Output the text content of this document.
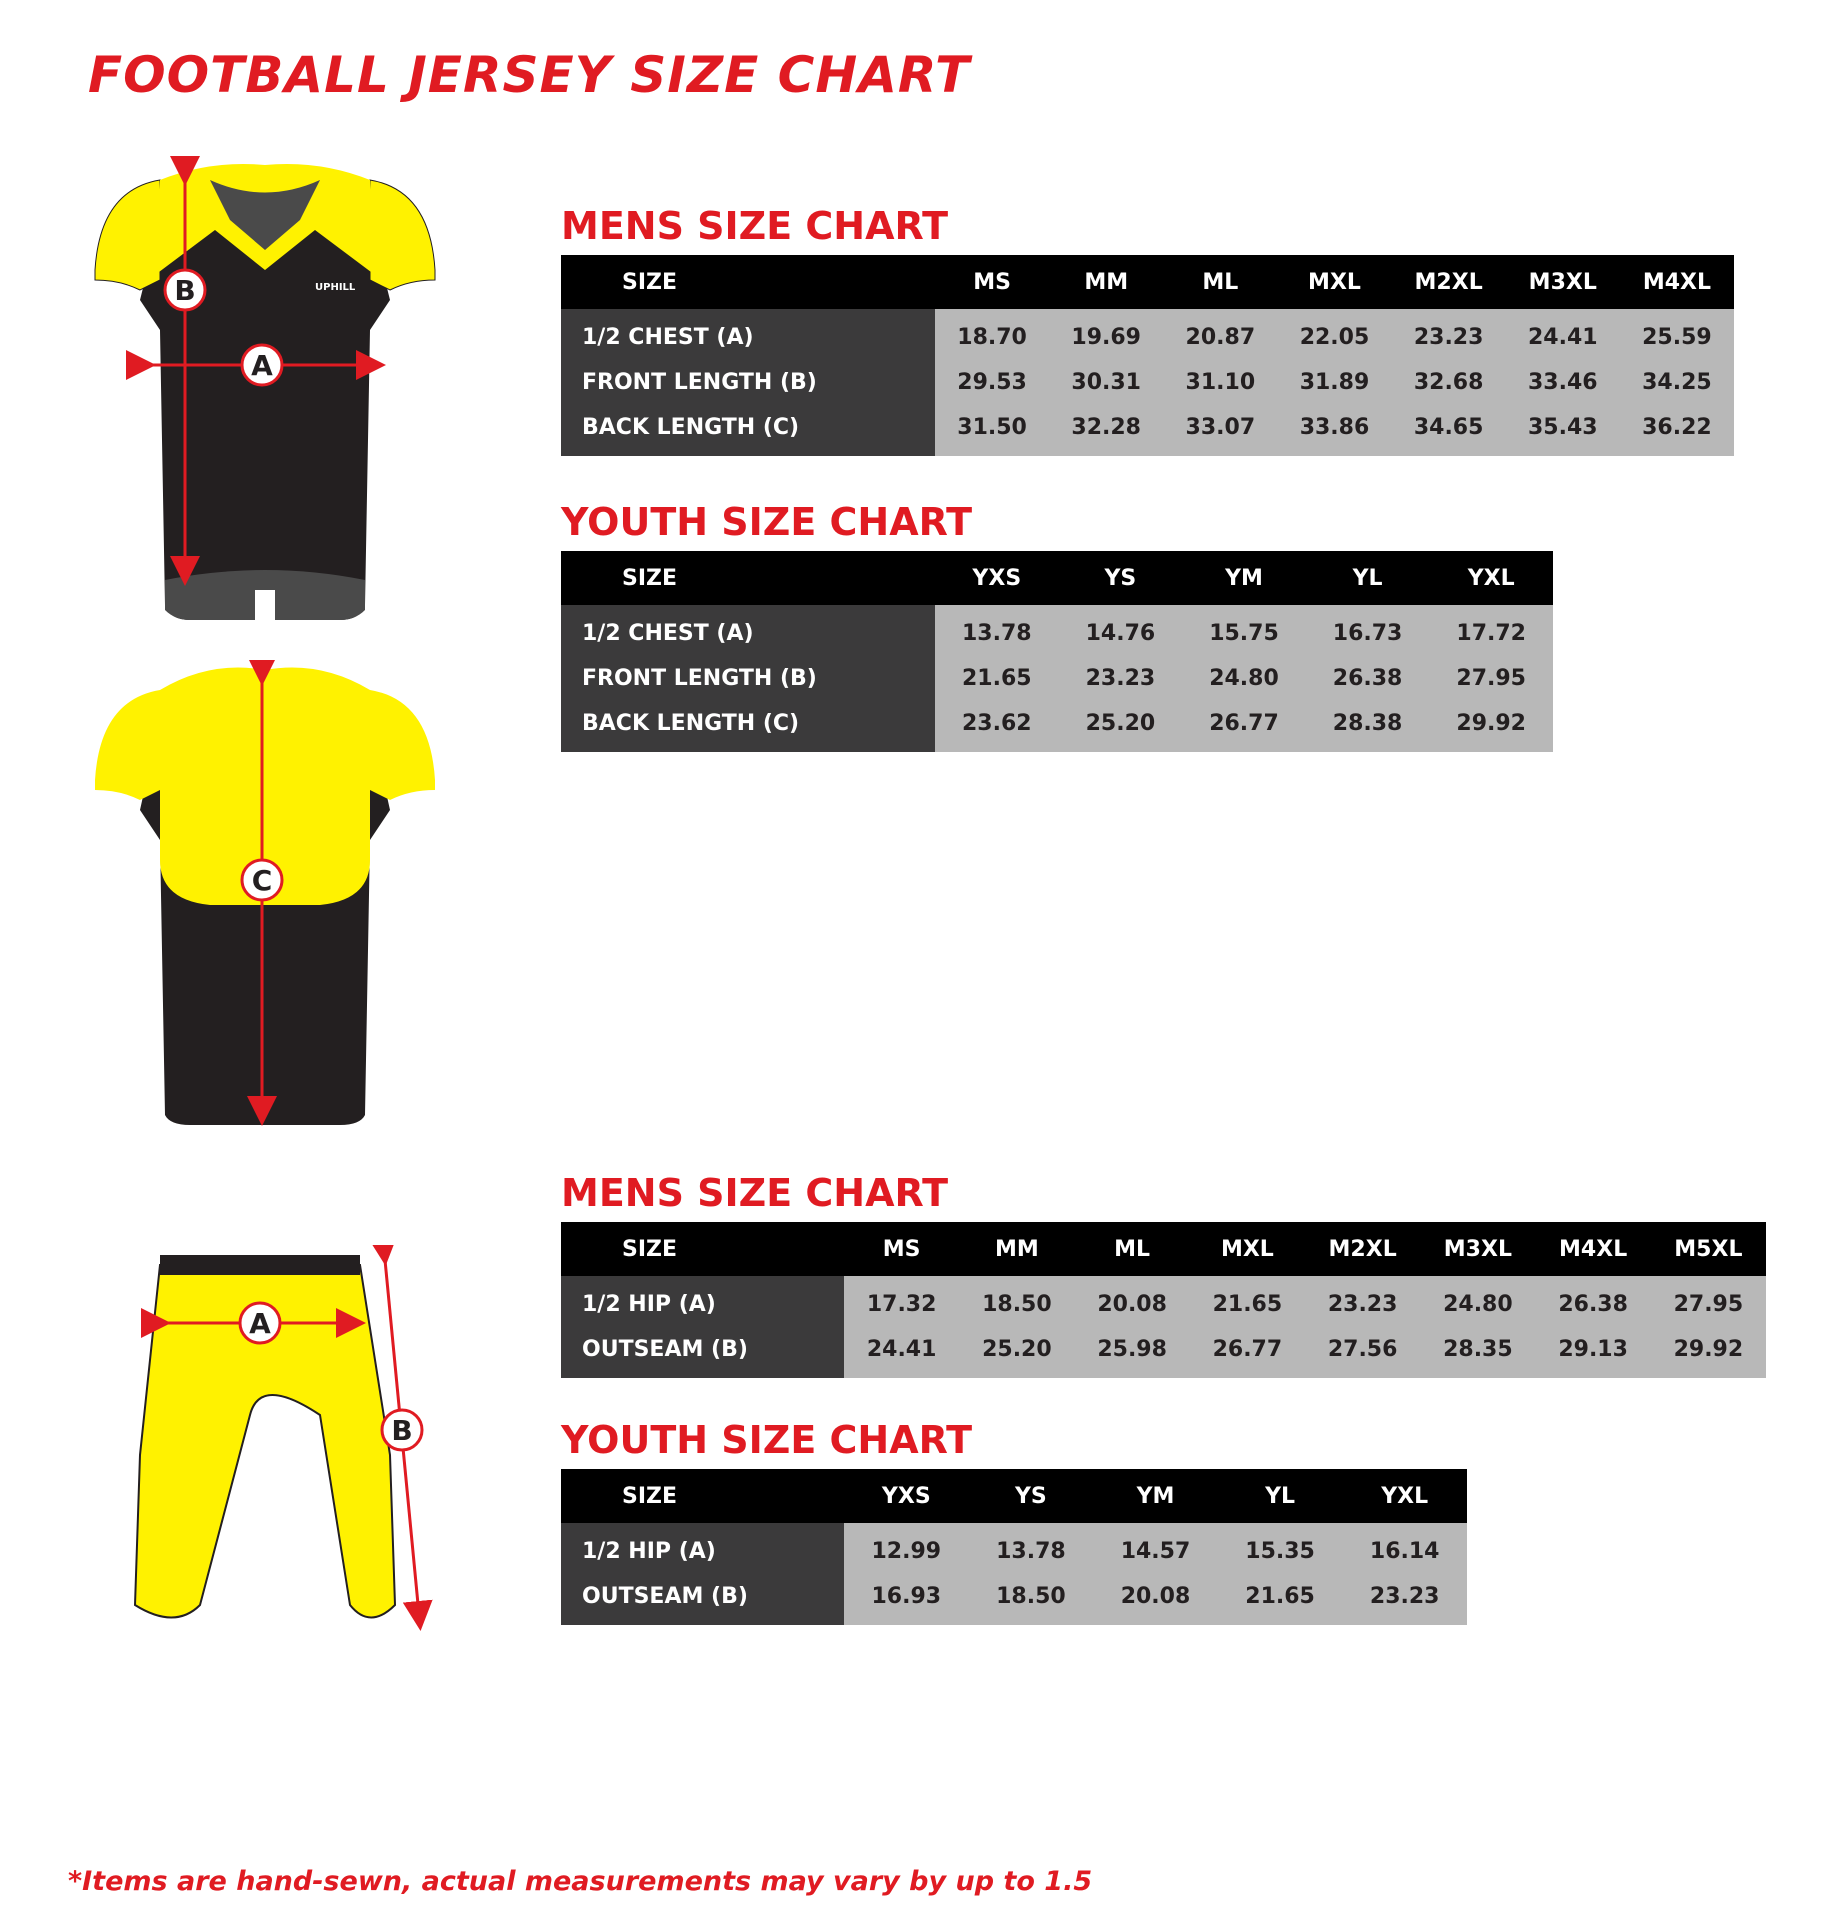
FOOTBALL JERSEY SIZE CHART
UPHILL
B
A
C
A
B
MENS SIZE CHART
SIZE	MS	MM	ML	MXL	M2XL	M3XL	M4XL
1/2 CHEST (A)	18.70	19.69	20.87	22.05	23.23	24.41	25.59
FRONT LENGTH (B)	29.53	30.31	31.10	31.89	32.68	33.46	34.25
BACK LENGTH (C)	31.50	32.28	33.07	33.86	34.65	35.43	36.22
YOUTH SIZE CHART
SIZE	YXS	YS	YM	YL	YXL
1/2 CHEST (A)	13.78	14.76	15.75	16.73	17.72
FRONT LENGTH (B)	21.65	23.23	24.80	26.38	27.95
BACK LENGTH (C)	23.62	25.20	26.77	28.38	29.92
MENS SIZE CHART
SIZE	MS	MM	ML	MXL	M2XL	M3XL	M4XL	M5XL
1/2 HIP (A)	17.32	18.50	20.08	21.65	23.23	24.80	26.38	27.95
OUTSEAM (B)	24.41	25.20	25.98	26.77	27.56	28.35	29.13	29.92
YOUTH SIZE CHART
SIZE	YXS	YS	YM	YL	YXL
1/2 HIP (A)	12.99	13.78	14.57	15.35	16.14
OUTSEAM (B)	16.93	18.50	20.08	21.65	23.23
*Items are hand-sewn, actual measurements may vary by up to 1.5
